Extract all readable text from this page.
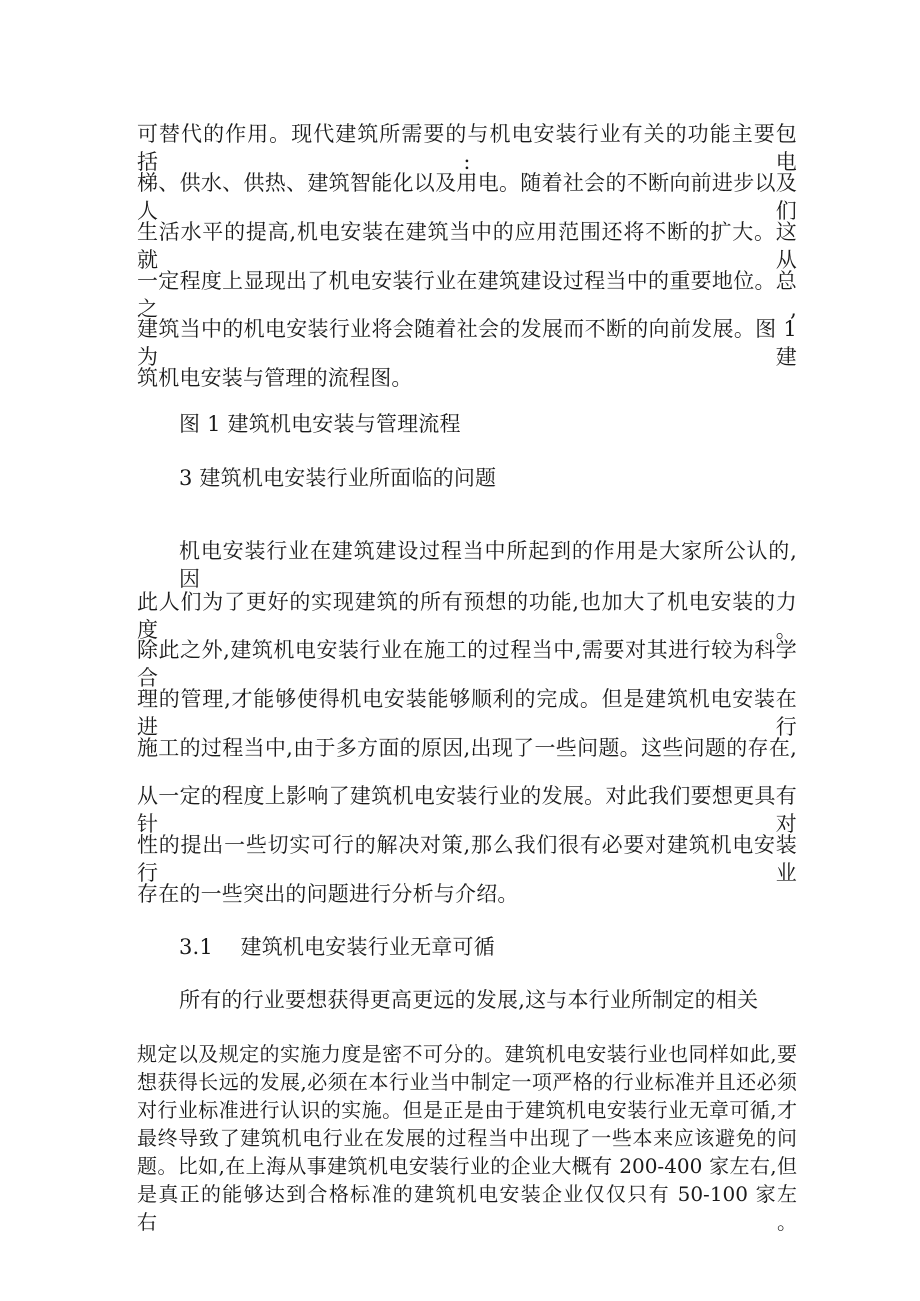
可替代的作用。现代建筑所需要的与机电安装行业有关的功能主要包括:电
梯、供水、供热、建筑智能化以及用电。随着社会的不断向前进步以及人们
生活水平的提高,机电安装在建筑当中的应用范围还将不断的扩大。这就从
一定程度上显现出了机电安装行业在建筑建设过程当中的重要地位。总之,
建筑当中的机电安装行业将会随着社会的发展而不断的向前发展。图 1 为建
筑机电安装与管理的流程图。
图 1 建筑机电安装与管理流程
3 建筑机电安装行业所面临的问题
机电安装行业在建筑建设过程当中所起到的作用是大家所公认的,因
此人们为了更好的实现建筑的所有预想的功能,也加大了机电安装的力度。
除此之外,建筑机电安装行业在施工的过程当中,需要对其进行较为科学合
理的管理,才能够使得机电安装能够顺利的完成。但是建筑机电安装在进行
施工的过程当中,由于多方面的原因,出现了一些问题。这些问题的存在,
从一定的程度上影响了建筑机电安装行业的发展。对此我们要想更具有针对
性的提出一些切实可行的解决对策,那么我们很有必要对建筑机电安装行业
存在的一些突出的问题进行分析与介绍。
3.1    建筑机电安装行业无章可循
所有的行业要想获得更高更远的发展,这与本行业所制定的相关
规定以及规定的实施力度是密不可分的。建筑机电安装行业也同样如此,要
想获得长远的发展,必须在本行业当中制定一项严格的行业标准并且还必须
对行业标准进行认识的实施。但是正是由于建筑机电安装行业无章可循,才
最终导致了建筑机电行业在发展的过程当中出现了一些本来应该避免的问
题。比如,在上海从事建筑机电安装行业的企业大概有 200-400 家左右,但
是真正的能够达到合格标准的建筑机电安装企业仅仅只有 50-100 家左右。
